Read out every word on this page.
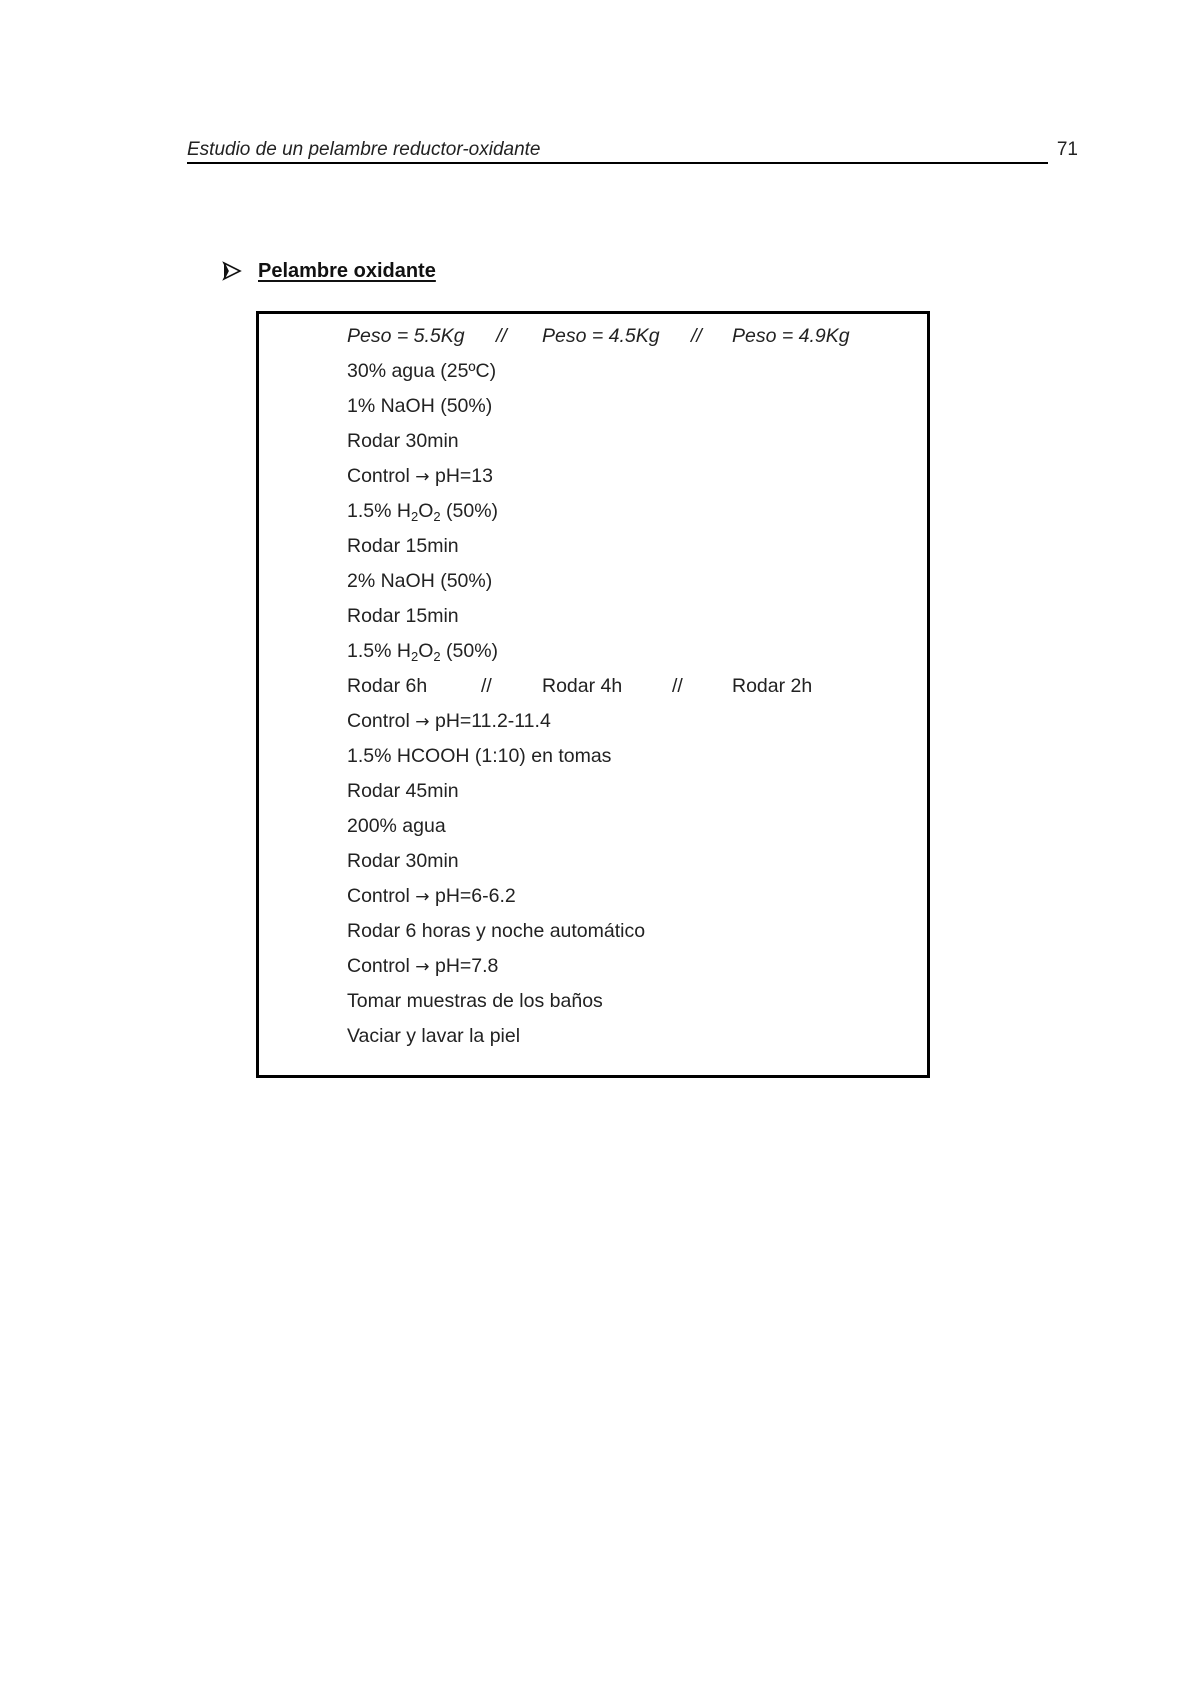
Estudio de un pelambre reductor-oxidante	71
Pelambre oxidante
Peso = 5.5Kg // Peso = 4.5Kg // Peso = 4.9Kg
30% agua (25ºC)
1% NaOH (50%)
Rodar 30min
Control → pH=13
1.5% $H_2O_2$ (50%)
Rodar 15min
2% NaOH (50%)
Rodar 15min
1.5% $H_2O_2$ (50%)
Rodar 6h	//	Rodar 4h	//	Rodar 2h
Control → pH=11.2-11.4
1.5% HCOOH (1:10) en tomas
Rodar 45min
200% agua
Rodar 30min
Control → pH=6-6.2
Rodar 6 horas y noche automático
Control → pH=7.8
Tomar muestras de los baños
Vaciar y lavar la piel
